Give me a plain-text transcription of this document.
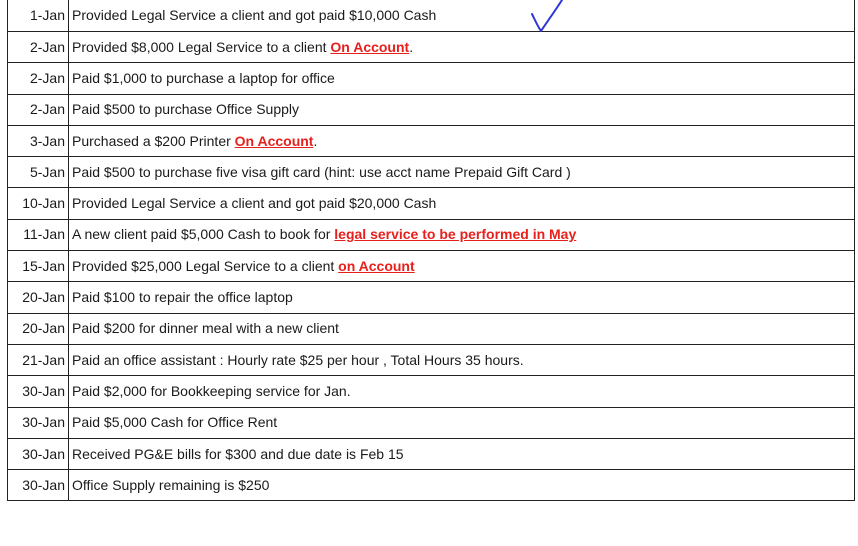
1-Jan	Provided Legal Service a client and got paid $10,000 Cash
2-Jan	Provided $8,000 Legal Service to a client On Account.
2-Jan	Paid $1,000 to purchase a laptop for office
2-Jan	Paid $500 to purchase Office Supply
3-Jan	Purchased a $200 Printer On Account.
5-Jan	Paid $500 to purchase five visa gift card (hint: use acct name Prepaid Gift Card )
10-Jan	Provided Legal Service a client and got paid $20,000 Cash
11-Jan	A new client paid $5,000 Cash to book for legal service to be performed in May
15-Jan	Provided $25,000 Legal Service to a client on Account
20-Jan	Paid $100 to repair the office laptop
20-Jan	Paid $200 for dinner meal with a new client
21-Jan	Paid an office assistant : Hourly rate $25 per hour , Total Hours 35 hours.
30-Jan	Paid $2,000 for Bookkeeping service for Jan.
30-Jan	Paid $5,000 Cash for Office Rent
30-Jan	Received PG&E bills for $300 and due date is Feb 15
30-Jan	Office Supply remaining is $250
